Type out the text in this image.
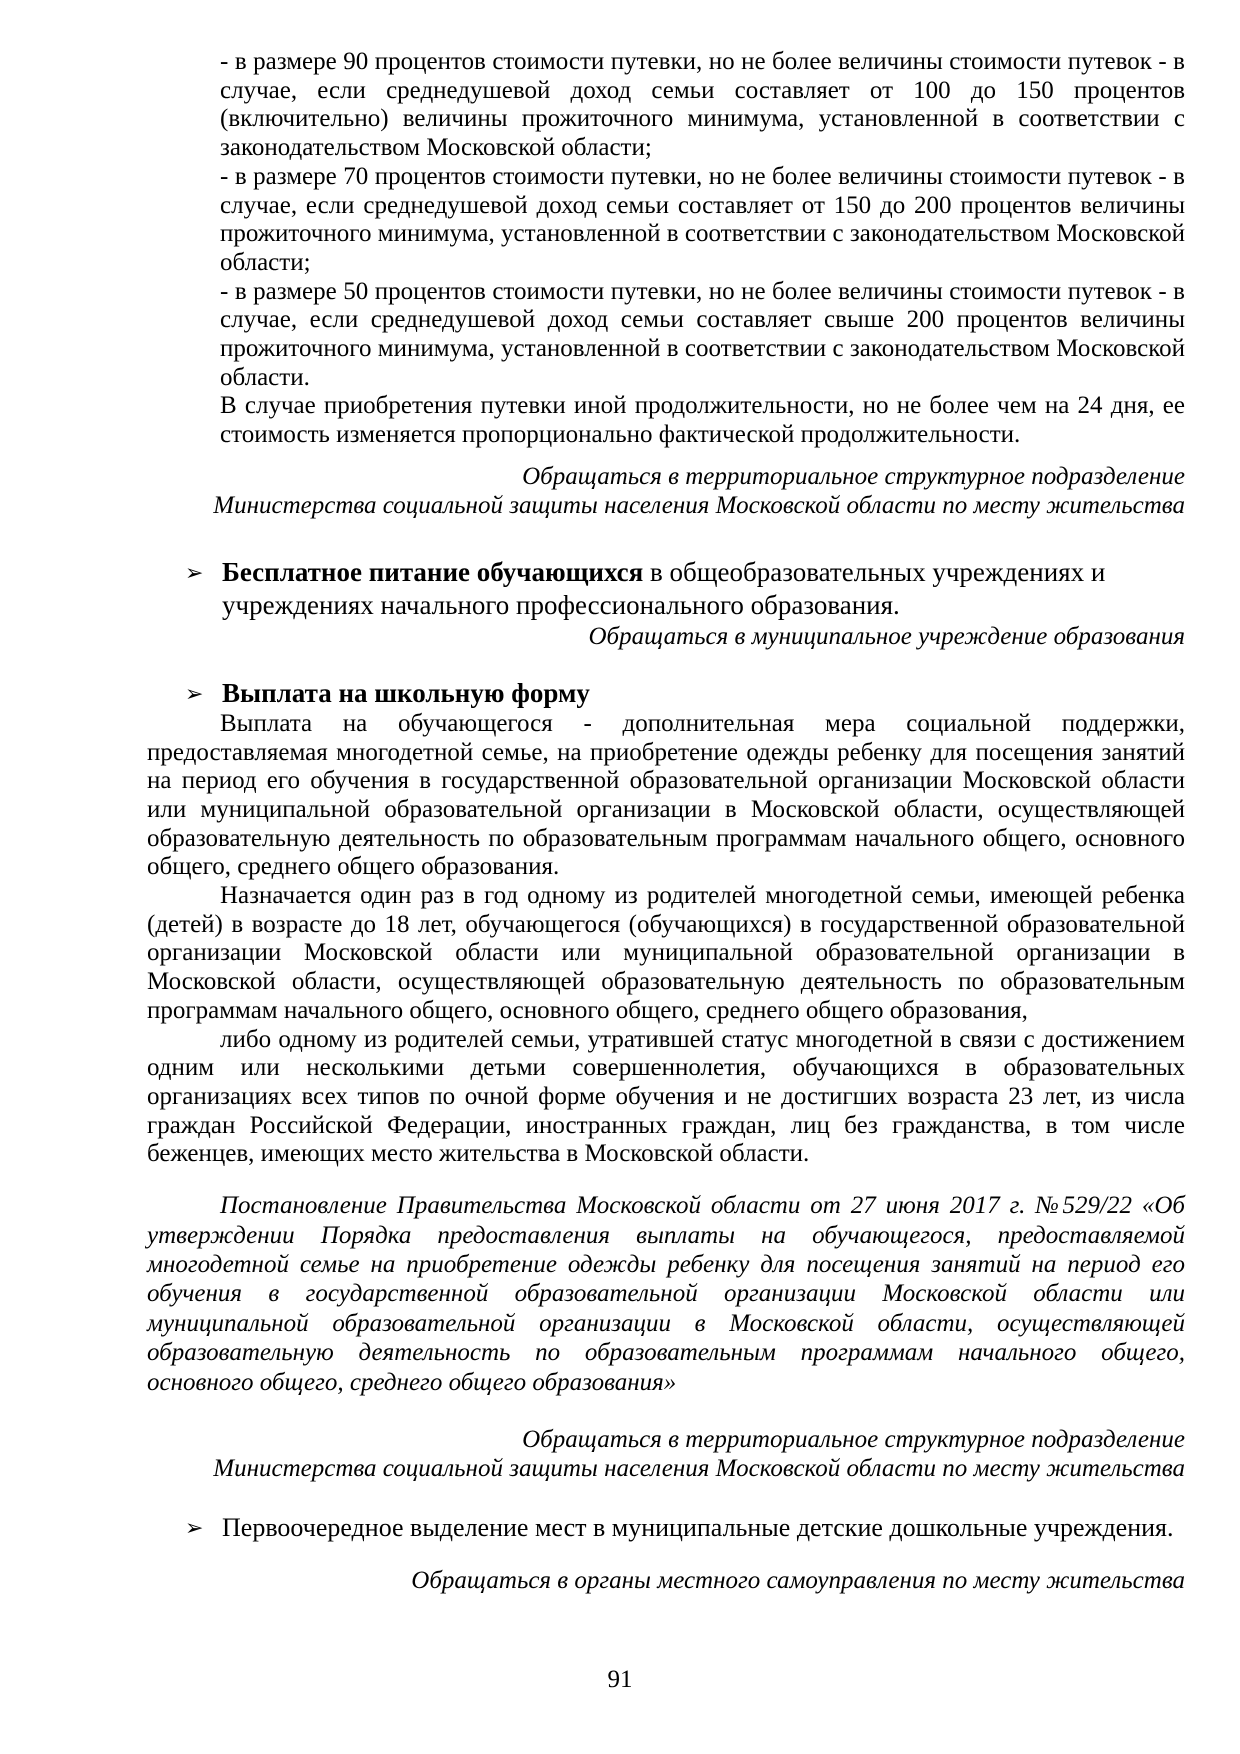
- в размере 90 процентов стоимости путевки, но не более величины стоимости путевок - в случае, если среднедушевой доход семьи составляет от 100 до 150 процентов (включительно) величины прожиточного минимума, установленной в соответствии с законодательством Московской области;

- в размере 70 процентов стоимости путевки, но не более величины стоимости путевок - в случае, если среднедушевой доход семьи составляет от 150 до 200 процентов величины прожиточного минимума, установленной в соответствии с законодательством Московской области;

- в размере 50 процентов стоимости путевки, но не более величины стоимости путевок - в случае, если среднедушевой доход семьи составляет свыше 200 процентов величины прожиточного минимума, установленной в соответствии с законодательством Московской области.

В случае приобретения путевки иной продолжительности, но не более чем на 24 дня, ее стоимость изменяется пропорционально фактической продолжительности.

Обращаться в территориальное структурное подразделение
Министерства социальной защиты населения Московской области по месту жительства
➢ Бесплатное питание обучающихся в общеобразовательных учреждениях и учреждениях начального профессионального образования.
Обращаться в муниципальное учреждение образования
➢ Выплата на школьную форму

Выплата на обучающегося - дополнительная мера социальной поддержки, предоставляемая многодетной семье, на приобретение одежды ребенку для посещения занятий на период его обучения в государственной образовательной организации Московской области или муниципальной образовательной организации в Московской области, осуществляющей образовательную деятельность по образовательным программам начального общего, основного общего, среднего общего образования.

Назначается один раз в год одному из родителей многодетной семьи, имеющей ребенка (детей) в возрасте до 18 лет, обучающегося (обучающихся) в государственной образовательной организации Московской области или муниципальной образовательной организации в Московской области, осуществляющей образовательную деятельность по образовательным программам начального общего, основного общего, среднего общего образования,

либо одному из родителей семьи, утратившей статус многодетной в связи с достижением одним или несколькими детьми совершеннолетия, обучающихся в образовательных организациях всех типов по очной форме обучения и не достигших возраста 23 лет, из числа граждан Российской Федерации, иностранных граждан, лиц без гражданства, в том числе беженцев, имеющих место жительства в Московской области.

Постановление Правительства Московской области от 27 июня 2017 г. №529/22 «Об утверждении Порядка предоставления выплаты на обучающегося, предоставляемой многодетной семье на приобретение одежды ребенку для посещения занятий на период его обучения в государственной образовательной организации Московской области или муниципальной образовательной организации в Московской области, осуществляющей образовательную деятельность по образовательным программам начального общего, основного общего, среднего общего образования»

Обращаться в территориальное структурное подразделение
Министерства социальной защиты населения Московской области по месту жительства
➢ Первоочередное выделение мест в муниципальные детские дошкольные учреждения.
Обращаться в органы местного самоуправления по месту жительства
91
